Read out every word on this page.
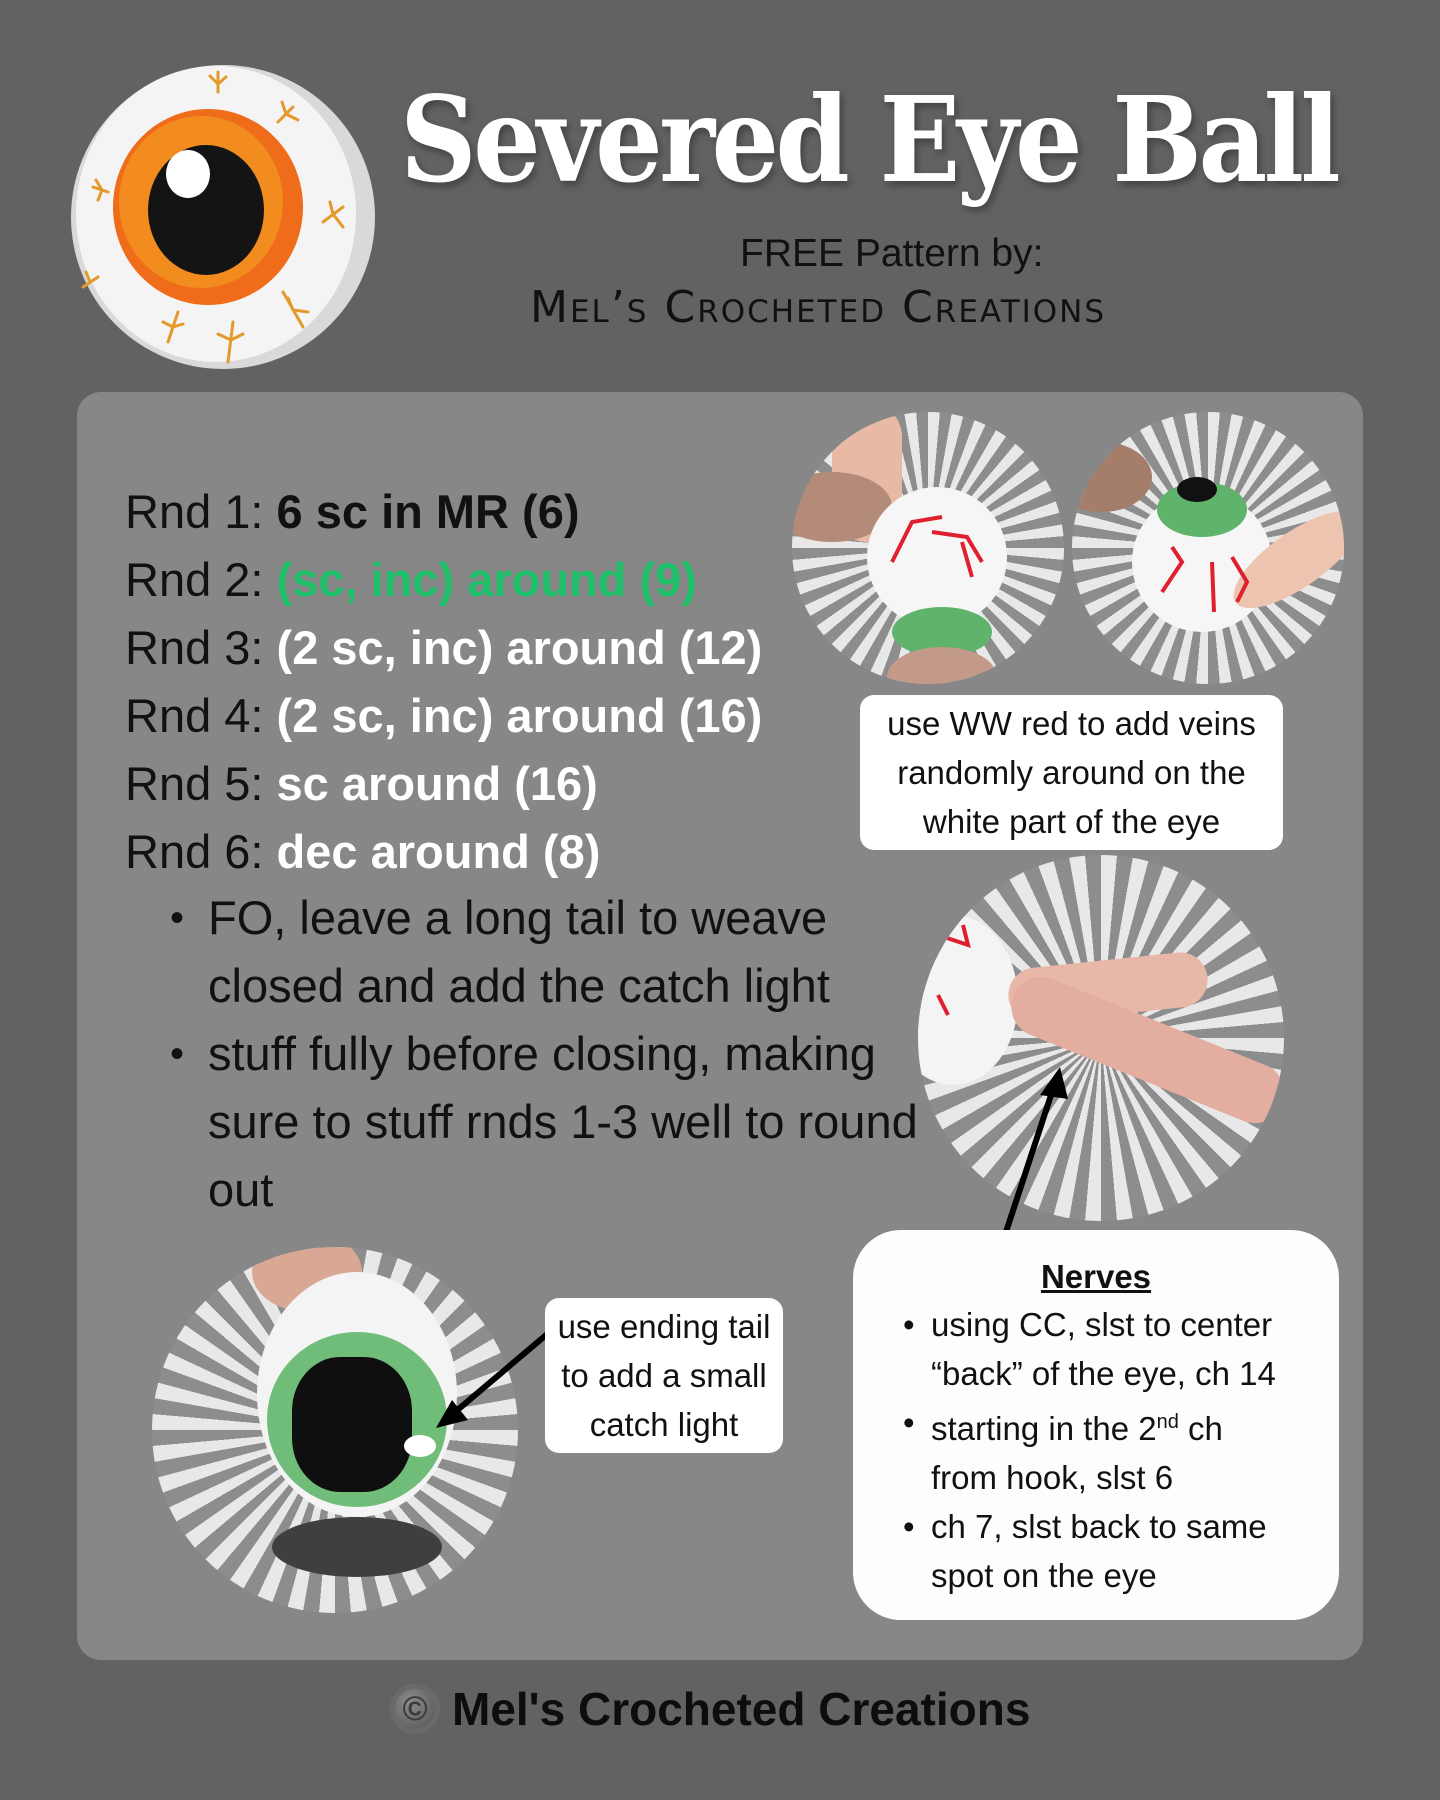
Severed Eye Ball
FREE Pattern by:
Mel’s Crocheted Creations
Rnd 1: 6 sc in MR (6)
Rnd 2: (sc, inc) around (9)
Rnd 3: (2 sc, inc) around (12)
Rnd 4: (2 sc, inc) around (16)
Rnd 5: sc around (16)
Rnd 6: dec around (8)
• FO, leave a long tail to weave closed and add the catch light
• stuff fully before closing, making sure to stuff rnds 1-3 well to round out
use WW red to add veins
randomly around on the
white part of the eye
Nerves
• using CC, slst to center
“back” of the eye, ch 14
• starting in the 2nd ch
from hook, slst 6
• ch 7, slst back to same
spot on the eye
use ending tail
to add a small
catch light
© Mel's Crocheted Creations
